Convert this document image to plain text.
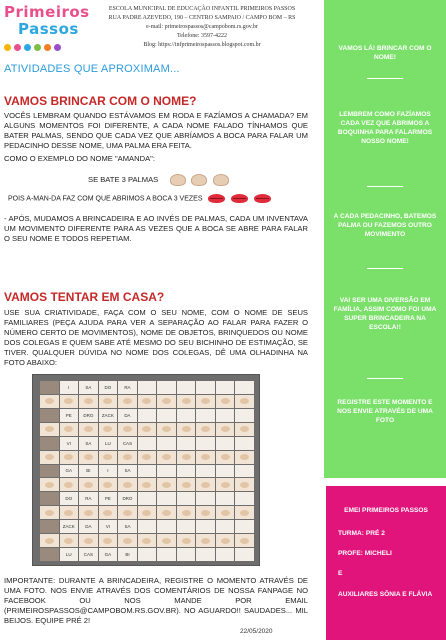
Primeiros
Passos
ESCOLA MUNICIPAL DE EDUCAÇÃO INFANTIL PRIMEIROS PASSOS
RUA PADRE AZEVEDO, 190 – CENTRO SAMPAIO / CAMPO BOM – RS
e-mail: primeirospassos@campobom.rs.gov.br
Telefone: 3597-4222
Blog: https://infprimeirospassos.blogspot.com.br
ATIVIDADES QUE APROXIMAM...
VAMOS BRINCAR COM O NOME?
VOCÊS LEMBRAM QUANDO ESTÁVAMOS EM RODA E FAZÍAMOS A CHAMADA? EM ALGUNS MOMENTOS FOI DIFERENTE, A CADA NOME FALADO TÍNHAMOS QUE BATER PALMAS, SENDO QUE CADA VEZ QUE ABRÍAMOS A BOCA PARA FALAR UM PEDACINHO DESSE NOME, UMA PALMA ERA FEITA.
COMO O EXEMPLO DO NOME "AMANDA":
SE BATE 3 PALMAS
POIS A-MAN-DA FAZ COM QUE ABRIMOS A BOCA 3 VEZES
- APÓS, MUDAMOS A BRINCADEIRA E AO INVÉS DE PALMAS, CADA UM INVENTAVA UM MOVIMENTO DIFERENTE PARA AS VEZES QUE A BOCA SE ABRE PARA FALAR O SEU NOME E TODOS REPETIAM.
VAMOS TENTAR EM CASA?
USE SUA CRIATIVIDADE, FAÇA COM O SEU NOME, COM O NOME DE SEUS FAMILIARES (PEÇA AJUDA PARA VER A SEPARAÇÃO AO FALAR PARA FAZER O NÚMERO CERTO DE MOVIMENTOS), NOME DE OBJETOS, BRINQUEDOS OU NOME DOS COLEGAS E QUEM SABE ATÉ MESMO DO SEU BICHINHO DE ESTIMAÇÃO, SE TIVER. QUALQUER DÚVIDA NO NOME DOS COLEGAS, DÊ UMA OLHADINHA NA FOTO ABAIXO:
I	SA	DO	RA
PE	DRO	ZACK	DA
VI	SA	LU	CAS
GA	BI	I	SA
DO	RA	PE	DRO
ZACK	DA	VI	SA
LU	CAS	GA	BI
IMPORTANTE: DURANTE A BRINCADEIRA, REGISTRE O MOMENTO ATRAVÉS DE UMA FOTO. NOS ENVIE ATRAVÉS DOS COMENTÁRIOS DE NOSSA FANPAGE NO FACEBOOK OU NOS MANDE POR EMAIL (PRIMEIROSPASSOS@CAMPOBOM.RS.GOV.BR). NO AGUARDO!! SAUDADES... MIL BEIJOS. EQUIPE PRÉ 2!
22/05/2020
VAMOS LÁ! BRINCAR COM O NOME!
LEMBREM COMO FAZÍAMOS CADA VEZ QUE ABRIMOS A BOQUINHA PARA FALARMOS NOSSO NOME!
A CADA PEDACINHO, BATEMOS PALMA OU FAZEMOS OUTRO MOVIMENTO
VAI SER UMA DIVERSÃO EM FAMÍLIA, ASSIM COMO FOI UMA SUPER BRINCADEIRA NA ESCOLA!!
REGISTRE ESTE MOMENTO E NOS ENVIE ATRAVÉS DE UMA FOTO
EMEI PRIMEIROS PASSOS
TURMA: PRÉ 2
PROFE: MICHELI
E
AUXILIARES SÔNIA E FLÁVIA
